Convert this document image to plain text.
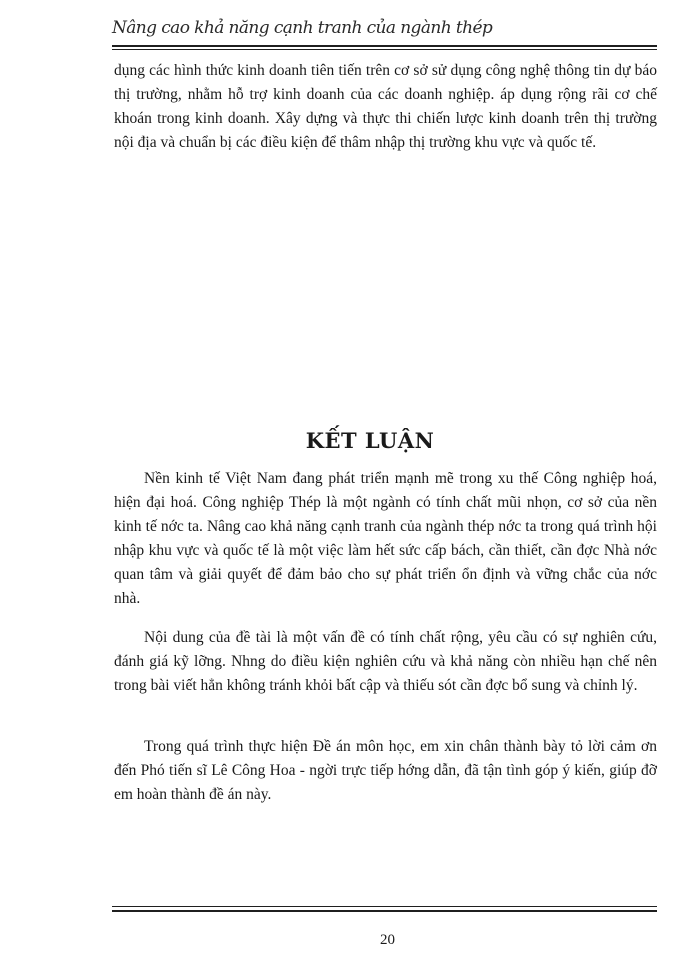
Nâng cao khả năng cạnh tranh của ngành thép

dụng các hình thức kinh doanh tiên tiến trên cơ sở sử dụng công nghệ thông tin dự báo thị trường, nhằm hỗ trợ kinh doanh của các doanh nghiệp. áp dụng rộng rãi cơ chế khoán trong kinh doanh. Xây dựng và thực thi chiến lược kinh doanh trên thị trường nội địa và chuẩn bị các điều kiện để thâm nhập thị trường khu vực và quốc tế.

KẾT LUẬN

Nền kinh tế Việt Nam đang phát triển mạnh mẽ trong xu thế Công nghiệp hoá, hiện đại hoá. Công nghiệp Thép là một ngành có tính chất mũi nhọn, cơ sở của nền kinh tế nớc ta. Nâng cao khả năng cạnh tranh của ngành thép nớc ta trong quá trình hội nhập khu vực và quốc tế là một việc làm hết sức cấp bách, cần thiết, cần đợc Nhà nớc quan tâm và giải quyết để đảm bảo cho sự phát triển ổn định và vững chắc của nớc nhà.

Nội dung của đề tài là một vấn đề có tính chất rộng, yêu cầu có sự nghiên cứu, đánh giá kỹ lỡng. Nhng do điều kiện nghiên cứu và khả năng còn nhiều hạn chế nên trong bài viết hẳn không tránh khỏi bất cập và thiếu sót cần đợc bổ sung và chỉnh lý.

Trong quá trình thực hiện Đề án môn học, em xin chân thành bày tỏ lời cảm ơn đến Phó tiến sĩ Lê Công Hoa - ngời trực tiếp hớng dẫn, đã tận tình góp ý kiến, giúp đỡ em hoàn thành đề án này.

20
